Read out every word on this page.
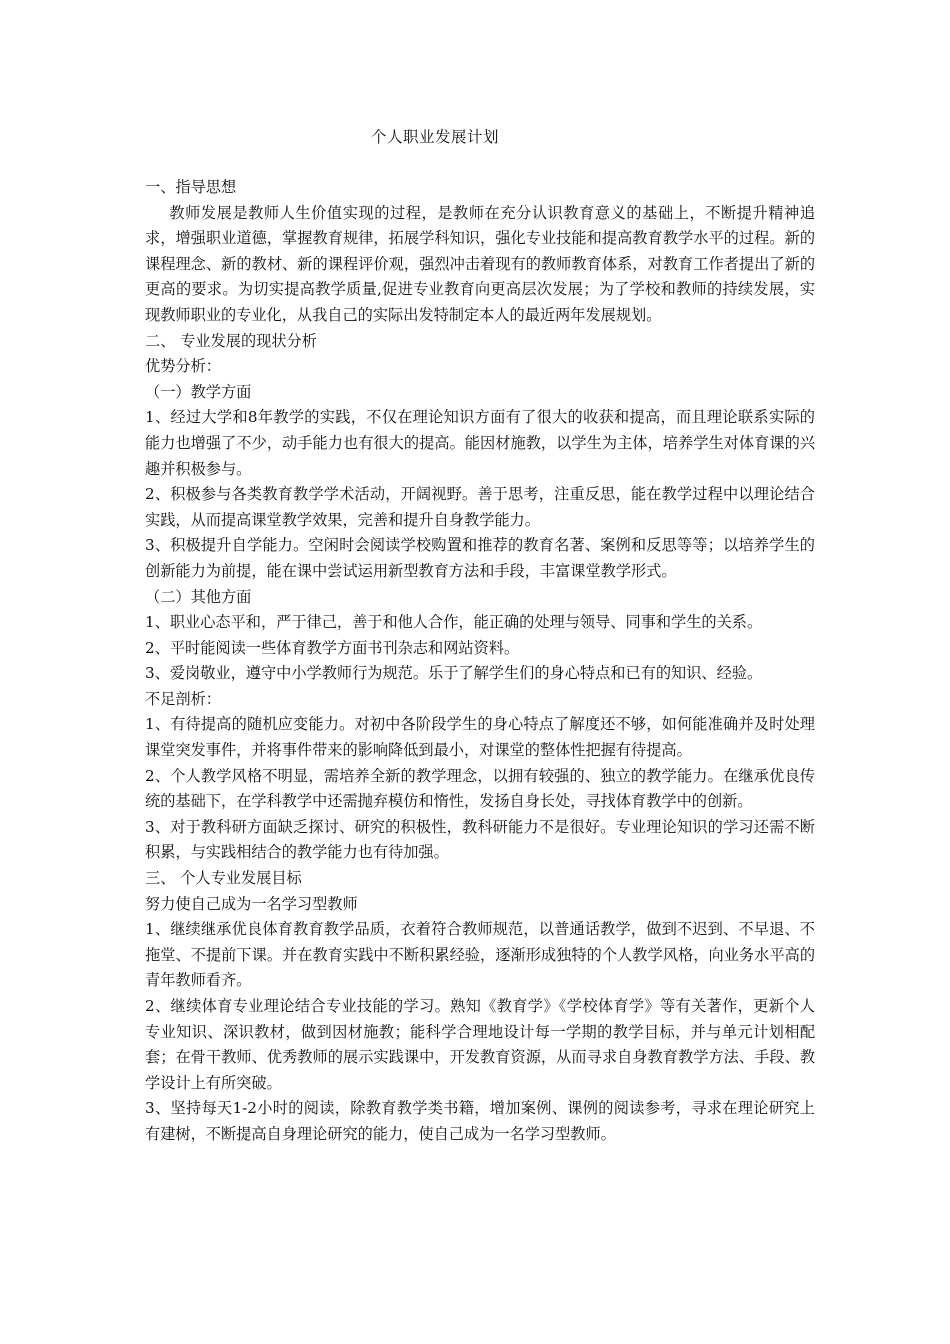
个人职业发展计划

一、指导思想

教师发展是教师人生价值实现的过程，是教师在充分认识教育意义的基础上，不断提升精神追求，增强职业道德，掌握教育规律，拓展学科知识，强化专业技能和提高教育教学水平的过程。新的课程理念、新的教材、新的课程评价观，强烈冲击着现有的教师教育体系，对教育工作者提出了新的更高的要求。为切实提高教学质量,促进专业教育向更高层次发展；为了学校和教师的持续发展，实现教师职业的专业化，从我自己的实际出发特制定本人的最近两年发展规划。

二、 专业发展的现状分析

优势分析：

（一）教学方面

1、经过大学和8年教学的实践，不仅在理论知识方面有了很大的收获和提高，而且理论联系实际的能力也增强了不少，动手能力也有很大的提高。能因材施教，以学生为主体，培养学生对体育课的兴趣并积极参与。

2、积极参与各类教育教学学术活动，开阔视野。善于思考，注重反思，能在教学过程中以理论结合实践，从而提高课堂教学效果，完善和提升自身教学能力。

3、积极提升自学能力。空闲时会阅读学校购置和推荐的教育名著、案例和反思等等；以培养学生的创新能力为前提，能在课中尝试运用新型教育方法和手段，丰富课堂教学形式。

（二）其他方面

1、职业心态平和，严于律己，善于和他人合作，能正确的处理与领导、同事和学生的关系。

2、平时能阅读一些体育教学方面书刊杂志和网站资料。

3、爱岗敬业，遵守中小学教师行为规范。乐于了解学生们的身心特点和已有的知识、经验。

不足剖析：

1、有待提高的随机应变能力。对初中各阶段学生的身心特点了解度还不够，如何能准确并及时处理课堂突发事件，并将事件带来的影响降低到最小，对课堂的整体性把握有待提高。

2、个人教学风格不明显，需培养全新的教学理念，以拥有较强的、独立的教学能力。在继承优良传统的基础下，在学科教学中还需抛弃模仿和惰性，发扬自身长处，寻找体育教学中的创新。

3、对于教科研方面缺乏探讨、研究的积极性，教科研能力不是很好。专业理论知识的学习还需不断积累，与实践相结合的教学能力也有待加强。

三、 个人专业发展目标

努力使自己成为一名学习型教师

1、继续继承优良体育教育教学品质，衣着符合教师规范，以普通话教学，做到不迟到、不早退、不拖堂、不提前下课。并在教育实践中不断积累经验，逐渐形成独特的个人教学风格，向业务水平高的青年教师看齐。

2、继续体育专业理论结合专业技能的学习。熟知《教育学》《学校体育学》等有关著作，更新个人专业知识、深识教材，做到因材施教；能科学合理地设计每一学期的教学目标，并与单元计划相配套；在骨干教师、优秀教师的展示实践课中，开发教育资源，从而寻求自身教育教学方法、手段、教学设计上有所突破。

3、坚持每天1-2小时的阅读，除教育教学类书籍，增加案例、课例的阅读参考，寻求在理论研究上有建树，不断提高自身理论研究的能力，使自己成为一名学习型教师。
